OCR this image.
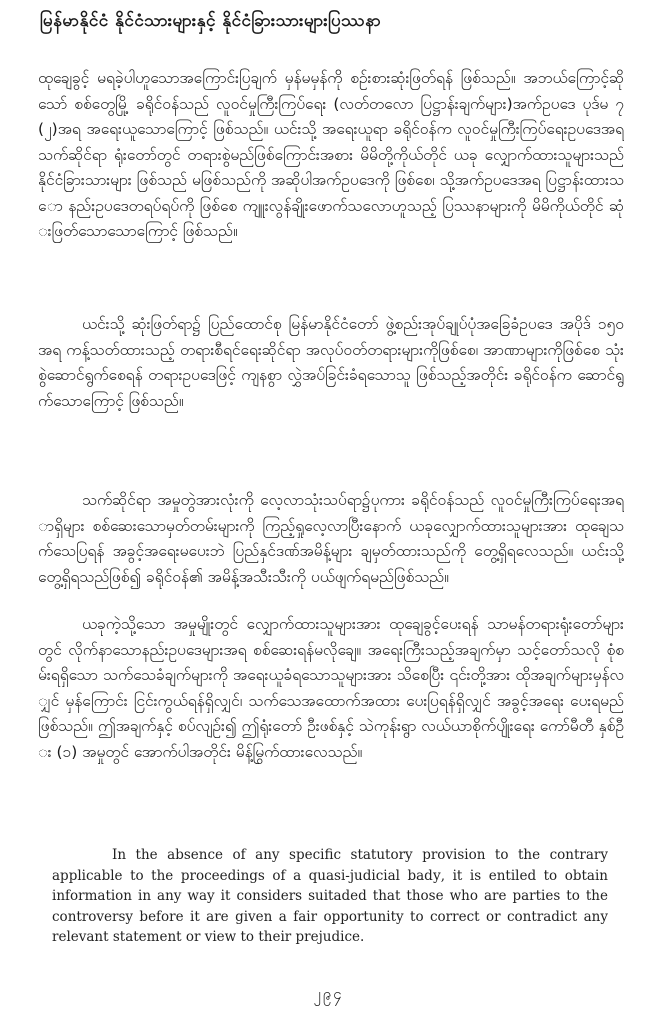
မြန်မာနိုင်ငံ နိုင်ငံသားများနှင့် နိုင်ငံခြားသားများပြဿနာ
ထုချေခွင့် မရခဲ့ပါဟူသောအကြောင်းပြချက် မှန်မမှန်ကို စဉ်းစားဆုံးဖြတ်ရန် ဖြစ်သည်။ အဘယ်ကြောင့်ဆိုသော် စစ်တွေမြို့ ခရိုင်ဝန်သည် လူဝင်မှုကြီးကြပ်ရေး (လတ်တလော ပြဋ္ဌာန်းချက်များ)အက်ဥပဒေ ပုဒ်မ ၇(၂)အရ အရေးယူသောကြောင့် ဖြစ်သည်။ ယင်းသို့ အရေးယူရာ ခရိုင်ဝန်က လူဝင်မှုကြီးကြပ်ရေးဥပဒေအရ သက်ဆိုင်ရာ ရုံးတော်တွင် တရားစွဲမည်ဖြစ်ကြောင်းအစား မိမိတို့ကိုယ်တိုင် ယခု လျှောက်ထားသူများသည် နိုင်ငံခြားသားများ ဖြစ်သည် မဖြစ်သည်ကို အဆိုပါအက်ဥပဒေကို ဖြစ်စေ၊ သို့အက်ဥပဒေအရ ပြဋ္ဌာန်းထားသော နည်းဥပဒေတရပ်ရပ်ကို ဖြစ်စေ ကျူးလွန်ချိုးဖောက်သလောဟူသည့် ပြဿနာများကို မိမိကိုယ်တိုင် ဆုံးဖြတ်သောသောကြောင့် ဖြစ်သည်။
ယင်းသို့ ဆုံးဖြတ်ရာ၌ ပြည်ထောင်စု မြန်မာနိုင်ငံတော် ဖွဲ့စည်းအုပ်ချုပ်ပုံအခြေခံဥပဒေ အပိုဒ် ၁၅၀ အရ ကန့်သတ်ထားသည့် တရားစီရင်ရေးဆိုင်ရာ အလုပ်ဝတ်တရားများကိုဖြစ်စေ၊ အာဏာများကိုဖြစ်စေ သုံးစွဲဆောင်ရွက်စေရန် တရားဥပဒေဖြင့် ကျနစွာ လွှဲအပ်ခြင်းခံရသောသူ ဖြစ်သည့်အတိုင်း ခရိုင်ဝန်က ဆောင်ရွက်သောကြောင့် ဖြစ်သည်။
သက်ဆိုင်ရာ အမှုတွဲအားလုံးကို လေ့လာသုံးသပ်ရာ၌ပုကား ခရိုင်ဝန်သည် လူဝင်မှုကြီးကြပ်ရေးအရာရှိများ စစ်ဆေးသောမှတ်တမ်းများကို ကြည့်ရှုလေ့လာပြီးနောက် ယခုလျှောက်ထားသူများအား ထုချေသက်သေပြရန် အခွင့်အရေးမပေးဘဲ ပြည်နှင်ဒဏ်အမိန့်များ ချမှတ်ထားသည်ကို တွေ့ရှိရလေသည်။ ယင်းသို့ တွေ့ရှိရသည်ဖြစ်၍ ခရိုင်ဝန်၏ အမိန့်အသီးသီးကို ပယ်ဖျက်ရမည်ဖြစ်သည်။
ယခုကဲ့သို့သော အမှုမျိုးတွင် လျှောက်ထားသူများအား ထုချေခွင့်ပေးရန် သာမန်တရားရုံးတော်များတွင် လိုက်နာသောနည်းဥပဒေများအရ စစ်ဆေးရန်မလိုချေ။ အရေးကြီးသည့်အချက်မှာ သင့်တော်သလို စုံစမ်းရရှိသော သက်သေခံချက်များကို အရေးယူခံရသောသူများအား သိစေပြီး ၎င်းတို့အား ထိုအချက်များမှန်လျှင် မှန်ကြောင်း ငြင်းကွယ်ရန်ရှိလျှင်၊ သက်သေအထောက်အထား ပေးပြရန်ရှိလျှင် အခွင့်အရေး ပေးရမည်ဖြစ်သည်။ ဤအချက်နှင့် စပ်လျဉ်း၍ ဤရုံးတော် ဦးဖစ်နှင့် သဲကုန်းရွာ လယ်ယာစိုက်ပျိုးရေး ကော်မီတီ နှစ်ဦး (၁) အမှုတွင် အောက်ပါအတိုင်း မိန့်မြွက်ထားလေသည်။
In the absence of any specific statutory provision to the contrary applicable to the proceedings of a quasi-judicial badу, it is entiled to obtain information in any way it considers suitaded that those who are parties to the controversy before it are given a fair opportunity to correct or contradict any relevant statement or view to their prejudice.
၂၉၄
